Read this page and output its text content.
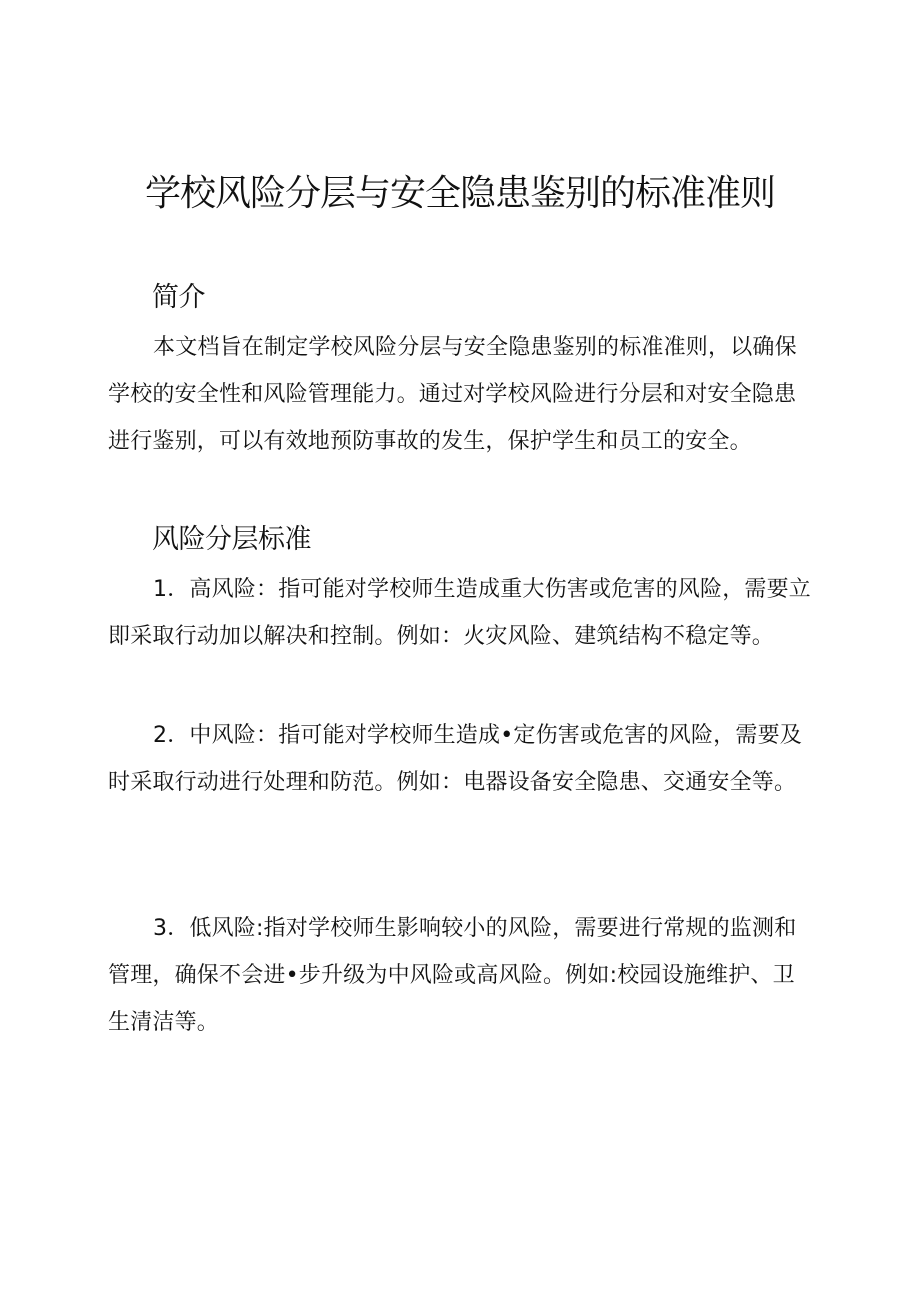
学校风险分层与安全隐患鉴别的标准准则
简介

本文档旨在制定学校风险分层与安全隐患鉴别的标准准则，以确保学校的安全性和风险管理能力。通过对学校风险进行分层和对安全隐患进行鉴别，可以有效地预防事故的发生，保护学生和员工的安全。

风险分层标准

1．高风险：指可能对学校师生造成重大伤害或危害的风险，需要立即采取行动加以解决和控制。例如：火灾风险、建筑结构不稳定等。

2．中风险：指可能对学校师生造成•定伤害或危害的风险，需要及时采取行动进行处理和防范。例如：电器设备安全隐患、交通安全等。

3．低风险:指对学校师生影响较小的风险，需要进行常规的监测和管理，确保不会进•步升级为中风险或高风险。例如:校园设施维护、卫生清洁等。
